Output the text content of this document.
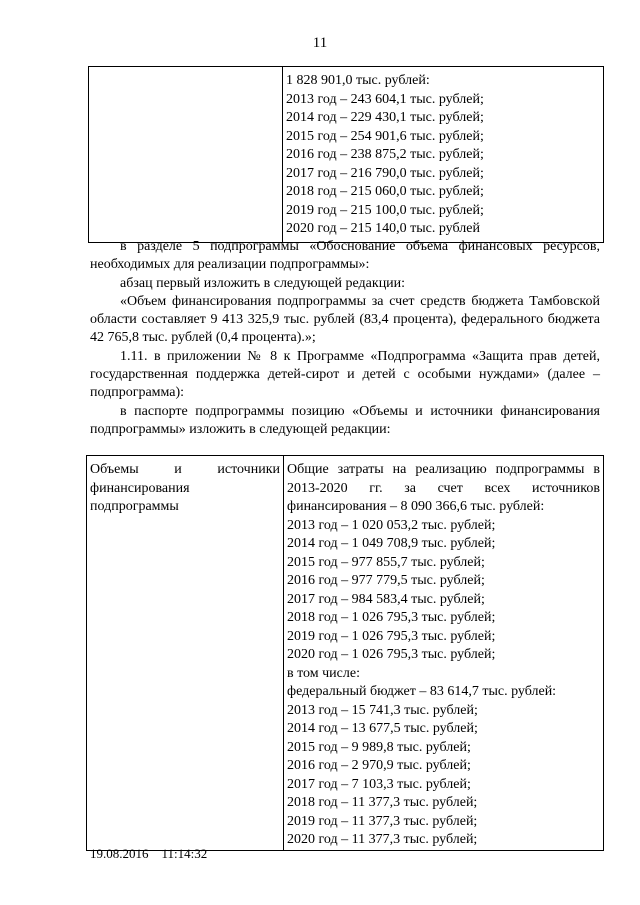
11

1 828 901,0 тыс. рублей:
2013 год – 243 604,1 тыс. рублей;
2014 год – 229 430,1 тыс. рублей;
2015 год – 254 901,6 тыс. рублей;
2016 год – 238 875,2 тыс. рублей;
2017 год – 216 790,0 тыс. рублей;
2018 год – 215 060,0 тыс. рублей;
2019 год – 215 100,0 тыс. рублей;
2020 год – 215 140,0 тыс. рублей

в разделе 5 подпрограммы «Обоснование объема финансовых ресурсов, необходимых для реализации подпрограммы»:

абзац первый изложить в следующей редакции:

«Объем финансирования подпрограммы за счет средств бюджета Тамбовской области составляет 9 413 325,9 тыс. рублей (83,4 процента), федерального бюджета 42 765,8 тыс. рублей (0,4 процента).»;

1.11. в приложении № 8 к Программе «Подпрограмма «Защита прав детей, государственная поддержка детей-сирот и детей с особыми нуждами» (далее – подпрограмма):

в паспорте подпрограммы позицию «Объемы и источники финансирования подпрограммы» изложить в следующей редакции:

Объемы и источники
финансирования
подпрограммы

Общие затраты на реализацию подпрограммы в 2013-2020 гг. за счет всех источников финансирования – 8 090 366,6 тыс. рублей:
2013 год – 1 020 053,2 тыс. рублей;
2014 год – 1 049 708,9 тыс. рублей;
2015 год – 977 855,7 тыс. рублей;
2016 год – 977 779,5 тыс. рублей;
2017 год – 984 583,4 тыс. рублей;
2018 год – 1 026 795,3 тыс. рублей;
2019 год – 1 026 795,3 тыс. рублей;
2020 год – 1 026 795,3 тыс. рублей;
в том числе:
федеральный бюджет – 83 614,7 тыс. рублей:
2013 год – 15 741,3 тыс. рублей;
2014 год – 13 677,5 тыс. рублей;
2015 год – 9 989,8 тыс. рублей;
2016 год – 2 970,9 тыс. рублей;
2017 год – 7 103,3 тыс. рублей;
2018 год – 11 377,3 тыс. рублей;
2019 год – 11 377,3 тыс. рублей;
2020 год – 11 377,3 тыс. рублей;
19.08.2016 11:14:32
